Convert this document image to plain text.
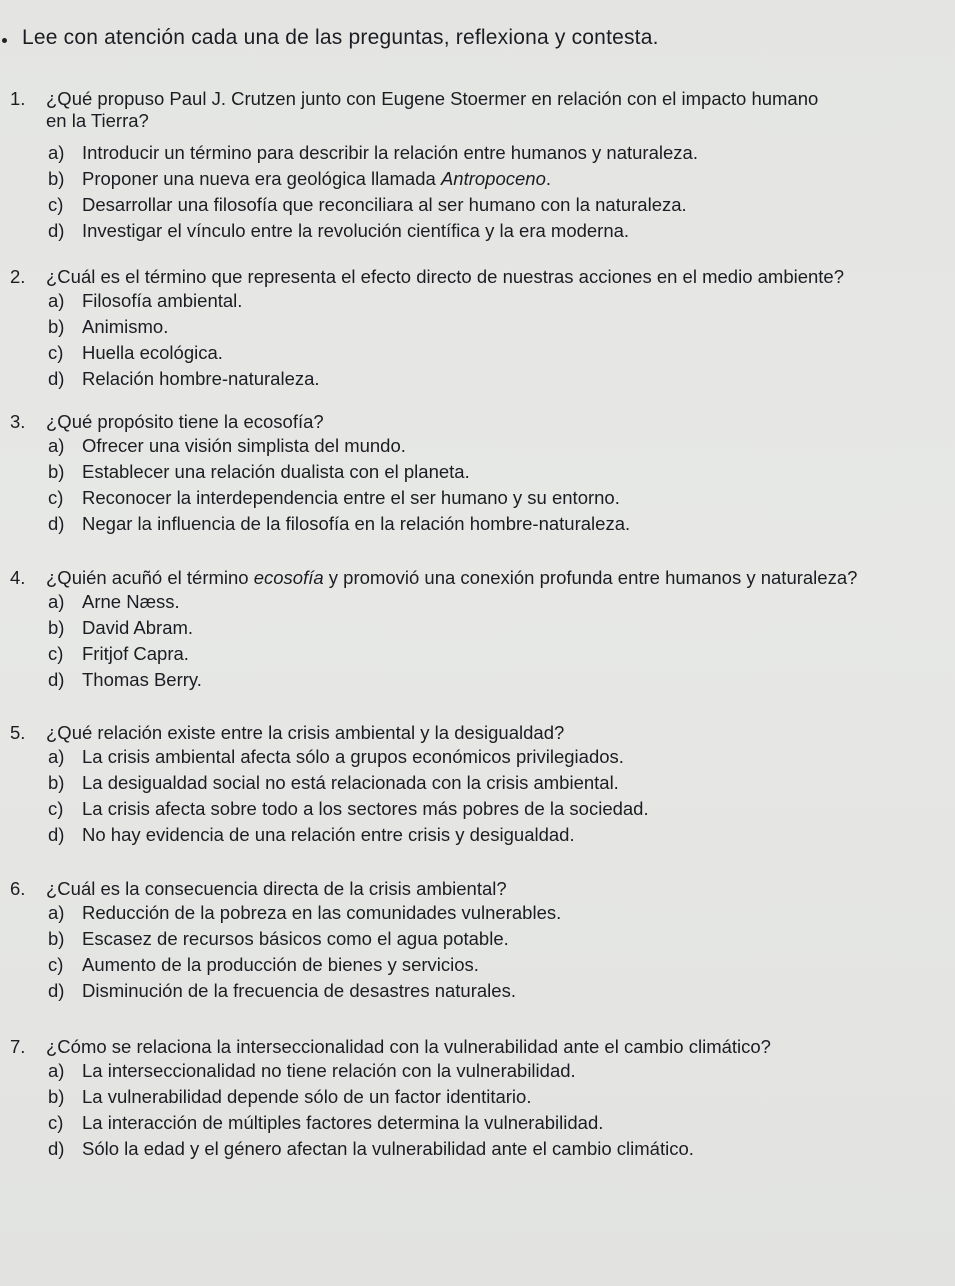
Lee con atención cada una de las preguntas, reflexiona y contesta.
1. ¿Qué propuso Paul J. Crutzen junto con Eugene Stoermer en relación con el impacto humano
en la Tierra?
a) Introducir un término para describir la relación entre humanos y naturaleza.
b) Proponer una nueva era geológica llamada Antropoceno.
c) Desarrollar una filosofía que reconciliara al ser humano con la naturaleza.
d) Investigar el vínculo entre la revolución científica y la era moderna.
2. ¿Cuál es el término que representa el efecto directo de nuestras acciones en el medio ambiente?
a) Filosofía ambiental.
b) Animismo.
c) Huella ecológica.
d) Relación hombre-naturaleza.
3. ¿Qué propósito tiene la ecosofía?
a) Ofrecer una visión simplista del mundo.
b) Establecer una relación dualista con el planeta.
c) Reconocer la interdependencia entre el ser humano y su entorno.
d) Negar la influencia de la filosofía en la relación hombre-naturaleza.
4. ¿Quién acuñó el término ecosofía y promovió una conexión profunda entre humanos y naturaleza?
a) Arne Næss.
b) David Abram.
c) Fritjof Capra.
d) Thomas Berry.
5. ¿Qué relación existe entre la crisis ambiental y la desigualdad?
a) La crisis ambiental afecta sólo a grupos económicos privilegiados.
b) La desigualdad social no está relacionada con la crisis ambiental.
c) La crisis afecta sobre todo a los sectores más pobres de la sociedad.
d) No hay evidencia de una relación entre crisis y desigualdad.
6. ¿Cuál es la consecuencia directa de la crisis ambiental?
a) Reducción de la pobreza en las comunidades vulnerables.
b) Escasez de recursos básicos como el agua potable.
c) Aumento de la producción de bienes y servicios.
d) Disminución de la frecuencia de desastres naturales.
7. ¿Cómo se relaciona la interseccionalidad con la vulnerabilidad ante el cambio climático?
a) La interseccionalidad no tiene relación con la vulnerabilidad.
b) La vulnerabilidad depende sólo de un factor identitario.
c) La interacción de múltiples factores determina la vulnerabilidad.
d) Sólo la edad y el género afectan la vulnerabilidad ante el cambio climático.
